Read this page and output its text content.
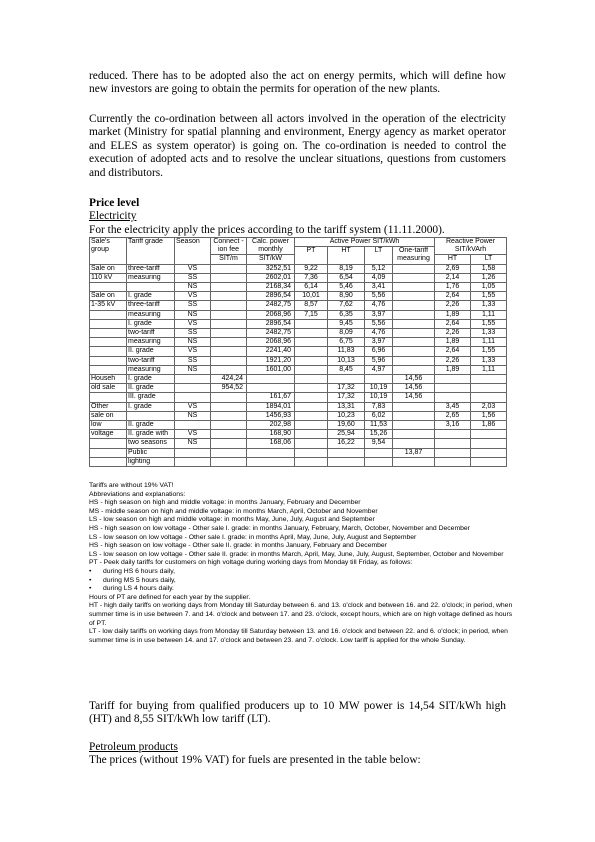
reduced. There has to be adopted also the act on energy permits, which will define how new investors are going to obtain the permits for operation of the new plants.
Currently the co-ordination between all actors involved in the operation of the electricity market (Ministry for spatial planning and environment, Energy agency as market operator and ELES as system operator) is going on. The co-ordination is needed to control the execution of adopted acts and to resolve the unclear situations, questions from customers and distributors.
Price level
Electricity
For the electricity apply the prices according to the tariff system (11.11.2000).
Sale's group	Tariff grade	Season	Connect -ion fee	Calc. power monthly	Active Power SIT/kWh				Reactive Power SIT/kVArh	
					PT	HT	LT	One-tariff measuring		
			SIT/m	SIT/kW					HT	LT
Sale on	three-tariff	VS		3252,51	9,22	8,19	5,12		2,69	1,58
110 kV	measuring	SS		2602,01	7,36	6,54	4,09		2,14	1,26
		NS		2168,34	6,14	5,46	3,41		1,76	1,05
Sale on	I. grade	VS		2896,54	10,01	8,90	5,56		2,64	1,55
1-35 kV	three-tariff	SS		2482,75	8,57	7,62	4,76		2,26	1,33
	measuring	NS		2068,96	7,15	6,35	3,97		1,89	1,11
	I. grade	VS		2896,54		9,45	5,56		2,64	1,55
	two-tariff	SS		2482,75		8,09	4,76		2,26	1,33
	measuring	NS		2068,96		6,75	3,97		1,89	1,11
	II. grade	VS		2241,40		11,83	6,96		2,64	1,55
	two-tariff	SS		1921,20		10,13	5,96		2,26	1,33
	measuring	NS		1601,00		8,45	4,97		1,89	1,11
Househ	I. grade		424,24					14,56		
old sale	II. grade		954,52			17,32	10,19	14,56		
	III. grade			161,67		17,32	10,19	14,56		
Other	I. grade	VS		1894,01		13,31	7,83		3,45	2,03
sale on		NS		1456,93		10,23	6,02		2,65	1,56
low	II. grade			202,98		19,60	11,53		3,16	1,86
voltage	II. grade with	VS		168,90		25,94	15,26			
	two seasons	NS		168,06		16,22	9,54			
	Public							13,87		
	lighting									
Tariffs are without 19% VAT!
Abbreviations and explanations:
HS - high season on high and middle voltage: in months January, February and December
MS - middle season on high and middle voltage: in months March, April, October and November
LS - low season on high and middle voltage: in months May, June, July, August and September
HS - high season on low voltage - Other sale I. grade: in months January, February, March, October, November and December
LS - low season on low voltage - Other sale I. grade: in months April, May, June, July, August and September
HS - high season on low voltage - Other sale II. grade: in months January, February and December
LS - low season on low voltage - Other sale II. grade: in months March, April, May, June, July, August, September, October and November
PT - Peek daily tariffs for customers on high voltage during working days from Monday till Friday, as follows:
• during HS 6 hours daily,
• during MS 5 hours daily,
• during LS 4 hours daily.
Hours of PT are defined for each year by the supplier.
HT - high daily tariffs on working days from Monday till Saturday between 6. and 13. o'clock and between 16. and 22. o'clock; in period, when summer time is in use between 7. and 14. o'clock and between 17. and 23. o'clock, except hours, which are on high voltage defined as hours of PT.
LT - low daily tariffs on working days from Monday till Saturday between 13. and 16. o'clock and between 22. and 6. o'clock; in period, when summer time is in use between 14. and 17. o'clock and between 23. and 7. o'clock. Low tariff is applied for the whole Sunday.
Tariff for buying from qualified producers up to 10 MW power is 14,54 SIT/kWh high (HT) and 8,55 SIT/kWh low tariff (LT).
Petroleum products
The prices (without 19% VAT) for fuels are presented in the table below:
